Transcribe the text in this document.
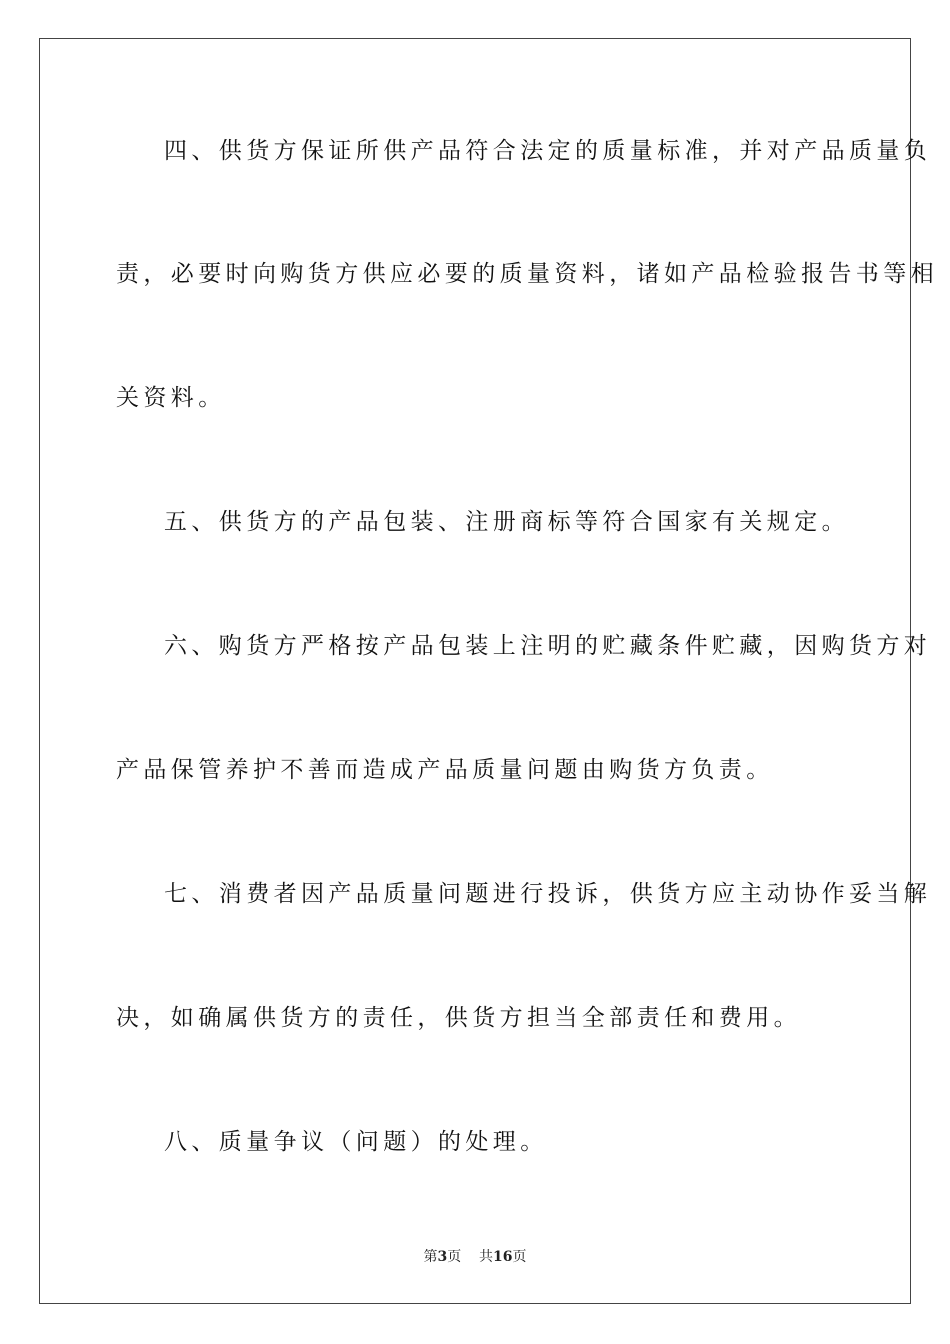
四、供货方保证所供产品符合法定的质量标准，并对产品质量负
责，必要时向购货方供应必要的质量资料，诸如产品检验报告书等相
关资料。
五、供货方的产品包装、注册商标等符合国家有关规定。
六、购货方严格按产品包装上注明的贮藏条件贮藏，因购货方对
产品保管养护不善而造成产品质量问题由购货方负责。
七、消费者因产品质量问题进行投诉，供货方应主动协作妥当解
决，如确属供货方的责任，供货方担当全部责任和费用。
八、质量争议（问题）的处理。
第3页 共16页
